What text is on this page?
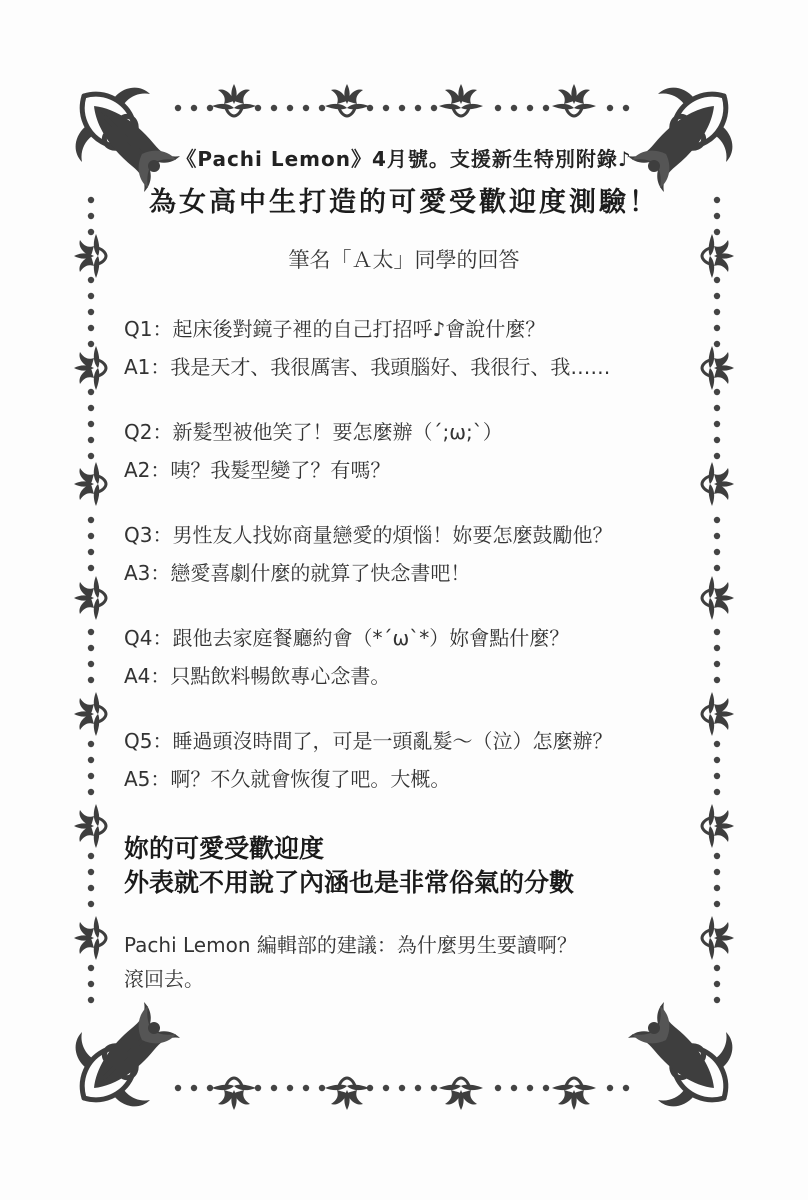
《Pachi Lemon》4月號。支援新生特別附錄♪
為女高中生打造的可愛受歡迎度測驗！
筆名「Ａ太」同學的回答
Q1：起床後對鏡子裡的自己打招呼♪會說什麼？
A1：我是天才、我很厲害、我頭腦好、我很行、我……
Q2：新髮型被他笑了！要怎麼辦（´;ω;`）
A2：咦？我髮型變了？有嗎？
Q3：男性友人找妳商量戀愛的煩惱！妳要怎麼鼓勵他？
A3：戀愛喜劇什麼的就算了快念書吧！
Q4：跟他去家庭餐廳約會（*´ω`*）妳會點什麼？
A4：只點飲料暢飲專心念書。
Q5：睡過頭沒時間了，可是一頭亂髮～（泣）怎麼辦？
A5：啊？不久就會恢復了吧。大概。
妳的可愛受歡迎度
外表就不用說了內涵也是非常俗氣的分數
Pachi Lemon 編輯部的建議：為什麼男生要讀啊？
滾回去。
